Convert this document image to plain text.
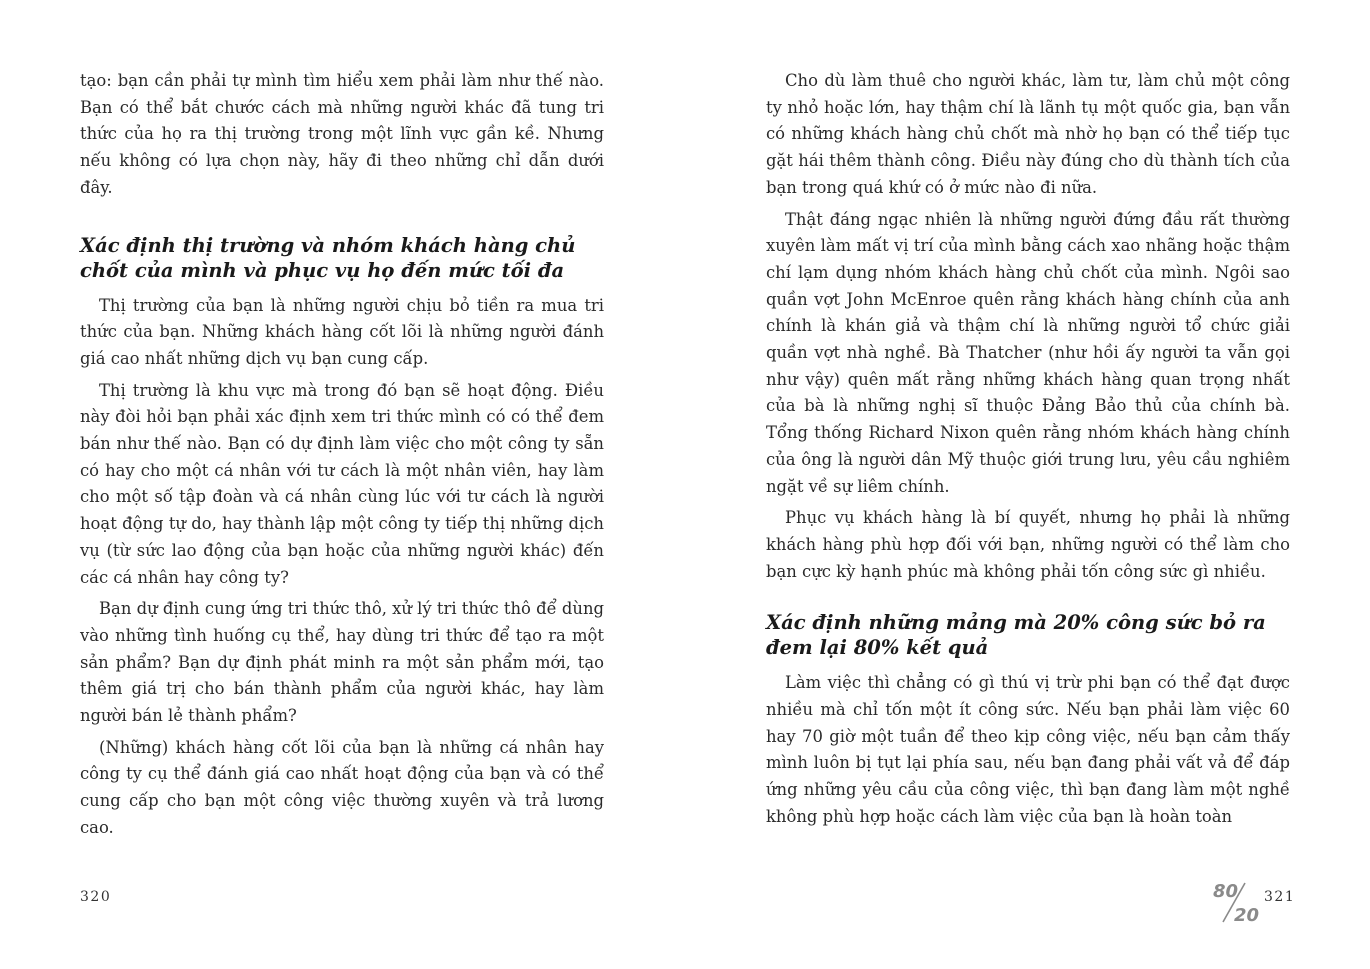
tạo: bạn cần phải tự mình tìm hiểu xem phải làm như thế nào. Bạn có thể bắt chước cách mà những người khác đã tung tri thức của họ ra thị trường trong một lĩnh vực gần kề. Nhưng nếu không có lựa chọn này, hãy đi theo những chỉ dẫn dưới đây.

Xác định thị trường và nhóm khách hàng chủ chốt của mình và phục vụ họ đến mức tối đa

Thị trường của bạn là những người chịu bỏ tiền ra mua tri thức của bạn. Những khách hàng cốt lõi là những người đánh giá cao nhất những dịch vụ bạn cung cấp.

Thị trường là khu vực mà trong đó bạn sẽ hoạt động. Điều này đòi hỏi bạn phải xác định xem tri thức mình có có thể đem bán như thế nào. Bạn có dự định làm việc cho một công ty sẵn có hay cho một cá nhân với tư cách là một nhân viên, hay làm cho một số tập đoàn và cá nhân cùng lúc với tư cách là người hoạt động tự do, hay thành lập một công ty tiếp thị những dịch vụ (từ sức lao động của bạn hoặc của những người khác) đến các cá nhân hay công ty?

Bạn dự định cung ứng tri thức thô, xử lý tri thức thô để dùng vào những tình huống cụ thể, hay dùng tri thức để tạo ra một sản phẩm? Bạn dự định phát minh ra một sản phẩm mới, tạo thêm giá trị cho bán thành phẩm của người khác, hay làm người bán lẻ thành phẩm?

(Những) khách hàng cốt lõi của bạn là những cá nhân hay công ty cụ thể đánh giá cao nhất hoạt động của bạn và có thể cung cấp cho bạn một công việc thường xuyên và trả lương cao.

Cho dù làm thuê cho người khác, làm tư, làm chủ một công ty nhỏ hoặc lớn, hay thậm chí là lãnh tụ một quốc gia, bạn vẫn có những khách hàng chủ chốt mà nhờ họ bạn có thể tiếp tục gặt hái thêm thành công. Điều này đúng cho dù thành tích của bạn trong quá khứ có ở mức nào đi nữa.

Thật đáng ngạc nhiên là những người đứng đầu rất thường xuyên làm mất vị trí của mình bằng cách xao nhãng hoặc thậm chí lạm dụng nhóm khách hàng chủ chốt của mình. Ngôi sao quần vợt John McEnroe quên rằng khách hàng chính của anh chính là khán giả và thậm chí là những người tổ chức giải quần vợt nhà nghề. Bà Thatcher (như hồi ấy người ta vẫn gọi như vậy) quên mất rằng những khách hàng quan trọng nhất của bà là những nghị sĩ thuộc Đảng Bảo thủ của chính bà. Tổng thống Richard Nixon quên rằng nhóm khách hàng chính của ông là người dân Mỹ thuộc giới trung lưu, yêu cầu nghiêm ngặt về sự liêm chính.

Phục vụ khách hàng là bí quyết, nhưng họ phải là những khách hàng phù hợp đối với bạn, những người có thể làm cho bạn cực kỳ hạnh phúc mà không phải tốn công sức gì nhiều.

Xác định những mảng mà 20% công sức bỏ ra đem lại 80% kết quả

Làm việc thì chẳng có gì thú vị trừ phi bạn có thể đạt được nhiều mà chỉ tốn một ít công sức. Nếu bạn phải làm việc 60 hay 70 giờ một tuần để theo kịp công việc, nếu bạn cảm thấy mình luôn bị tụt lại phía sau, nếu bạn đang phải vất vả để đáp ứng những yêu cầu của công việc, thì bạn đang làm một nghề không phù hợp hoặc cách làm việc của bạn là hoàn toàn

320	80
20
321
